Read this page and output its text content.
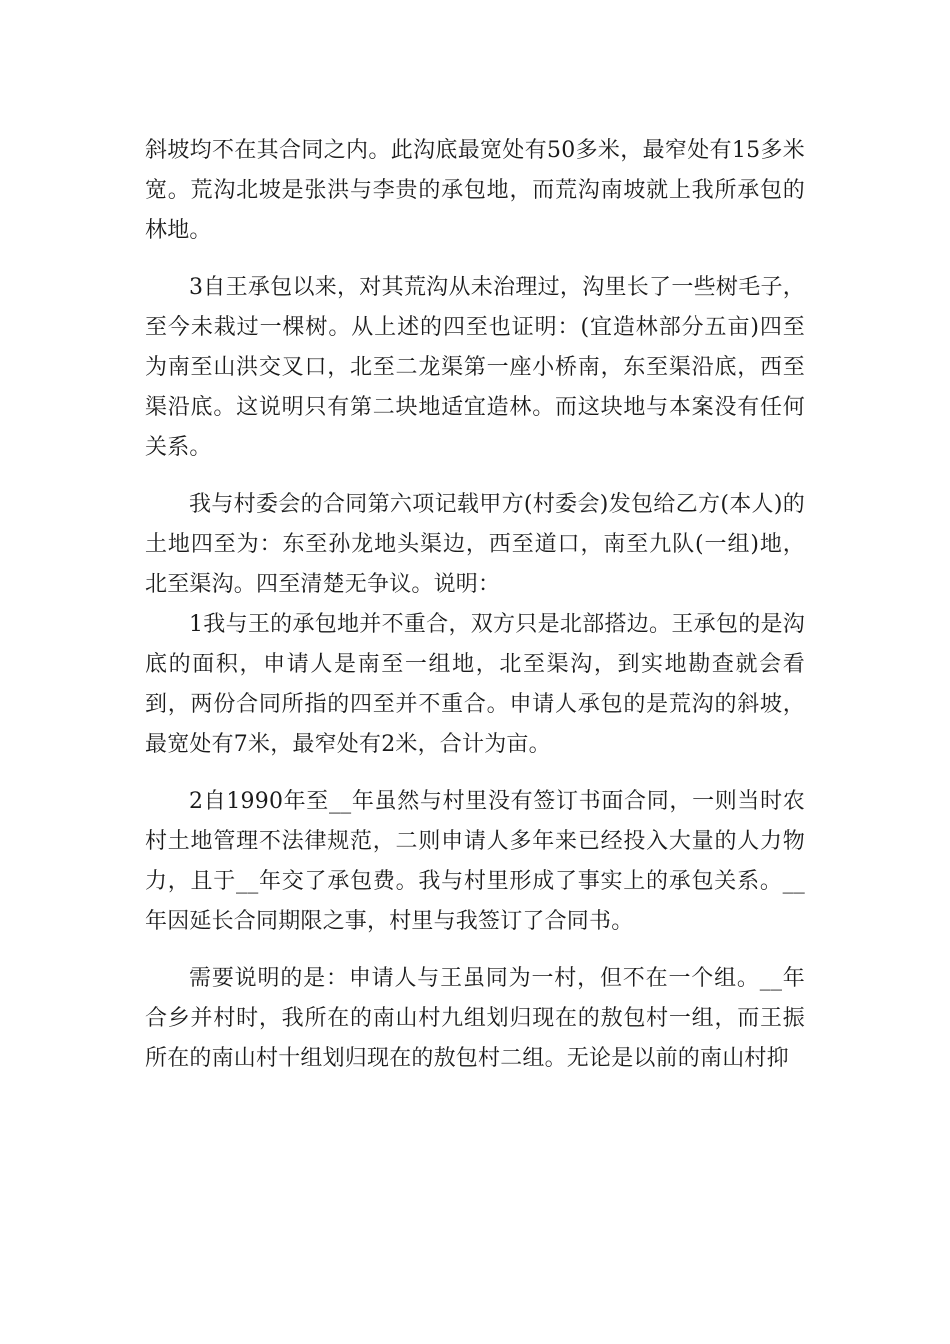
斜坡均不在其合同之内。此沟底最宽处有50多米，最窄处有15多米宽。荒沟北坡是张洪与李贵的承包地，而荒沟南坡就上我所承包的林地。

3自王承包以来，对其荒沟从未治理过，沟里长了一些树毛子，至今未栽过一棵树。从上述的四至也证明：(宜造林部分五亩)四至为南至山洪交叉口，北至二龙渠第一座小桥南，东至渠沿底，西至渠沿底。这说明只有第二块地适宜造林。而这块地与本案没有任何关系。

我与村委会的合同第六项记载甲方(村委会)发包给乙方(本人)的土地四至为：东至孙龙地头渠边，西至道口，南至九队(一组)地，北至渠沟。四至清楚无争议。说明：

1我与王的承包地并不重合，双方只是北部搭边。王承包的是沟底的面积，申请人是南至一组地，北至渠沟，到实地勘查就会看到，两份合同所指的四至并不重合。申请人承包的是荒沟的斜坡，最宽处有7米，最窄处有2米，合计为亩。

2自1990年至__年虽然与村里没有签订书面合同，一则当时农村土地管理不法律规范，二则申请人多年来已经投入大量的人力物力，且于__年交了承包费。我与村里形成了事实上的承包关系。__年因延长合同期限之事，村里与我签订了合同书。

需要说明的是：申请人与王虽同为一村，但不在一个组。__年合乡并村时，我所在的南山村九组划归现在的敖包村一组，而王振所在的南山村十组划归现在的敖包村二组。无论是以前的南山村抑
